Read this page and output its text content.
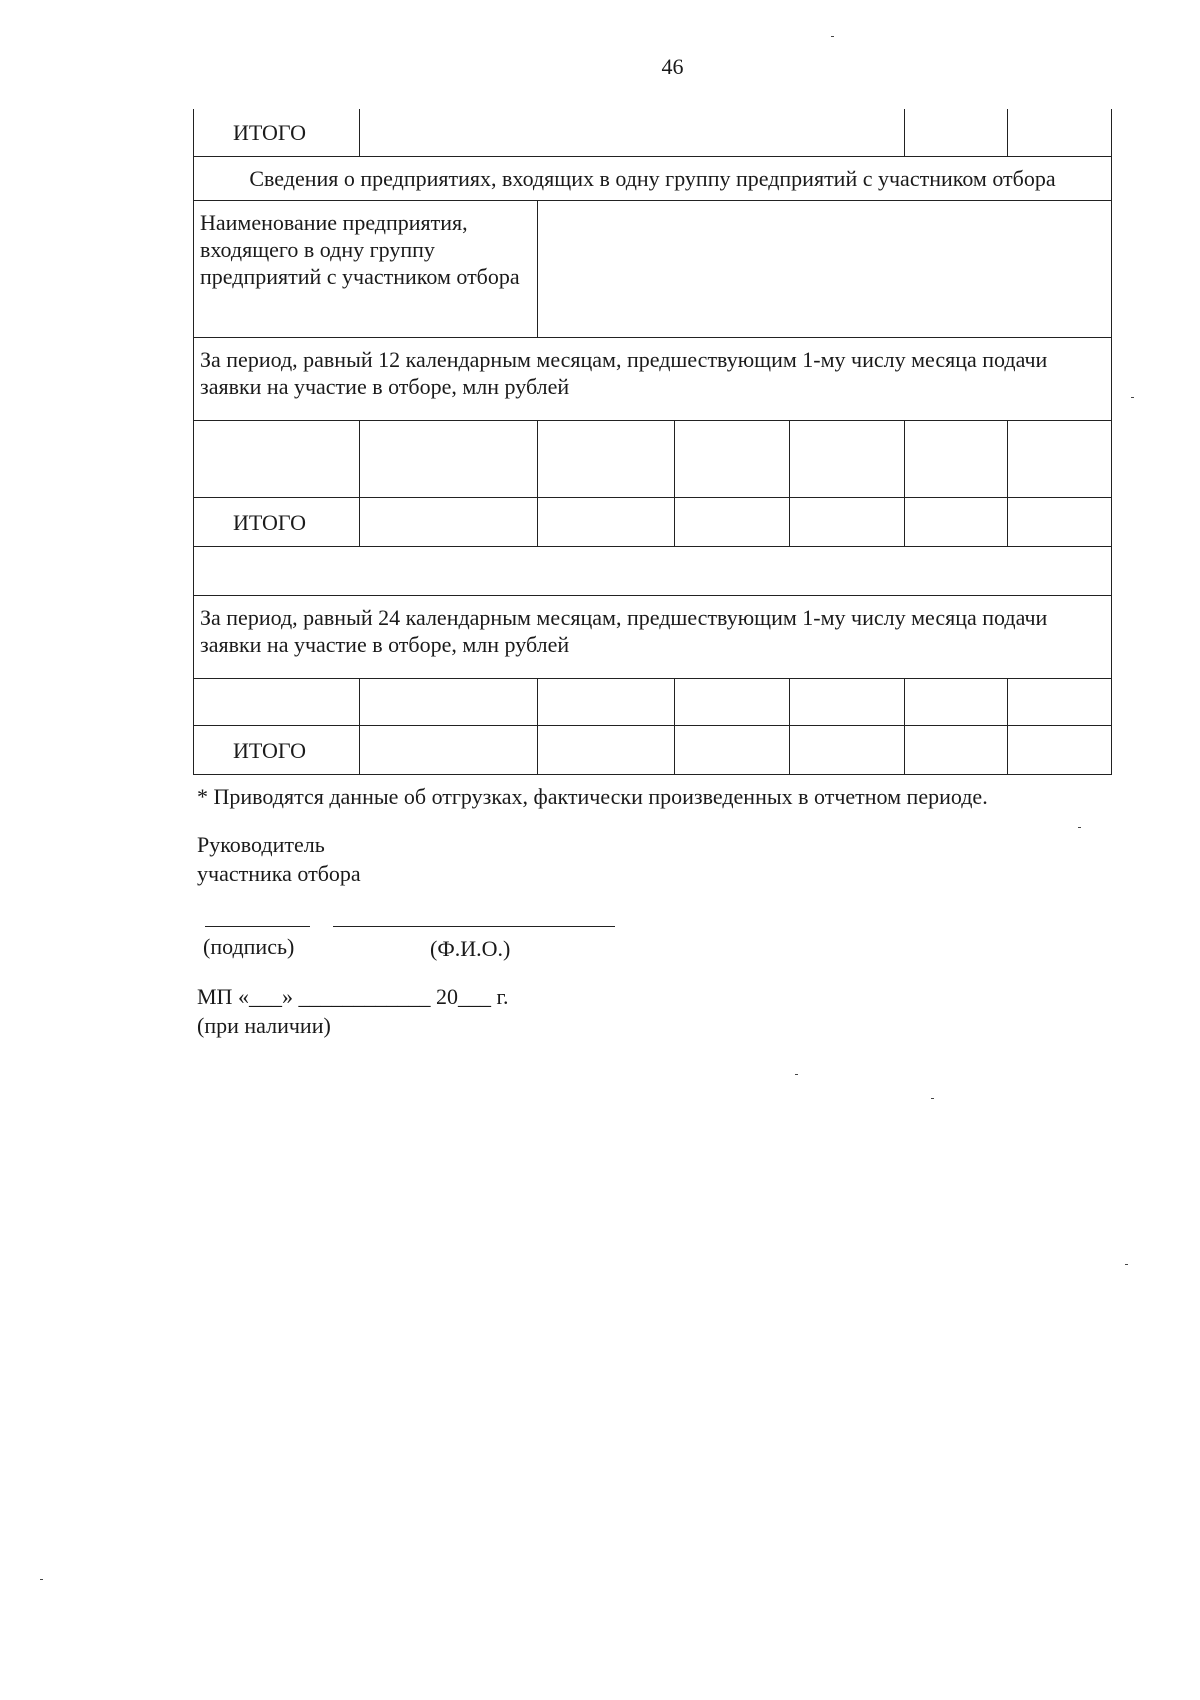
46
ИТОГО						
Сведения о предприятиях, входящих в одну группу предприятий с участником отбора						
Наименование предприятия, входящего в одну группу предприятий с участником отбора						
За период, равный 12 календарным месяцам, предшествующим 1-му числу месяца подачи заявки на участие в отборе, млн рублей						

ИТОГО						

За период, равный 24 календарным месяцам, предшествующим 1-му числу месяца подачи заявки на участие в отборе, млн рублей						

ИТОГО						
* Приводятся данные об отгрузках, фактически произведенных в отчетном периоде.
Руководитель
участника отбора
(подпись)	(Ф.И.О.)
МП «___» ____________ 20___ г.
(при наличии)
